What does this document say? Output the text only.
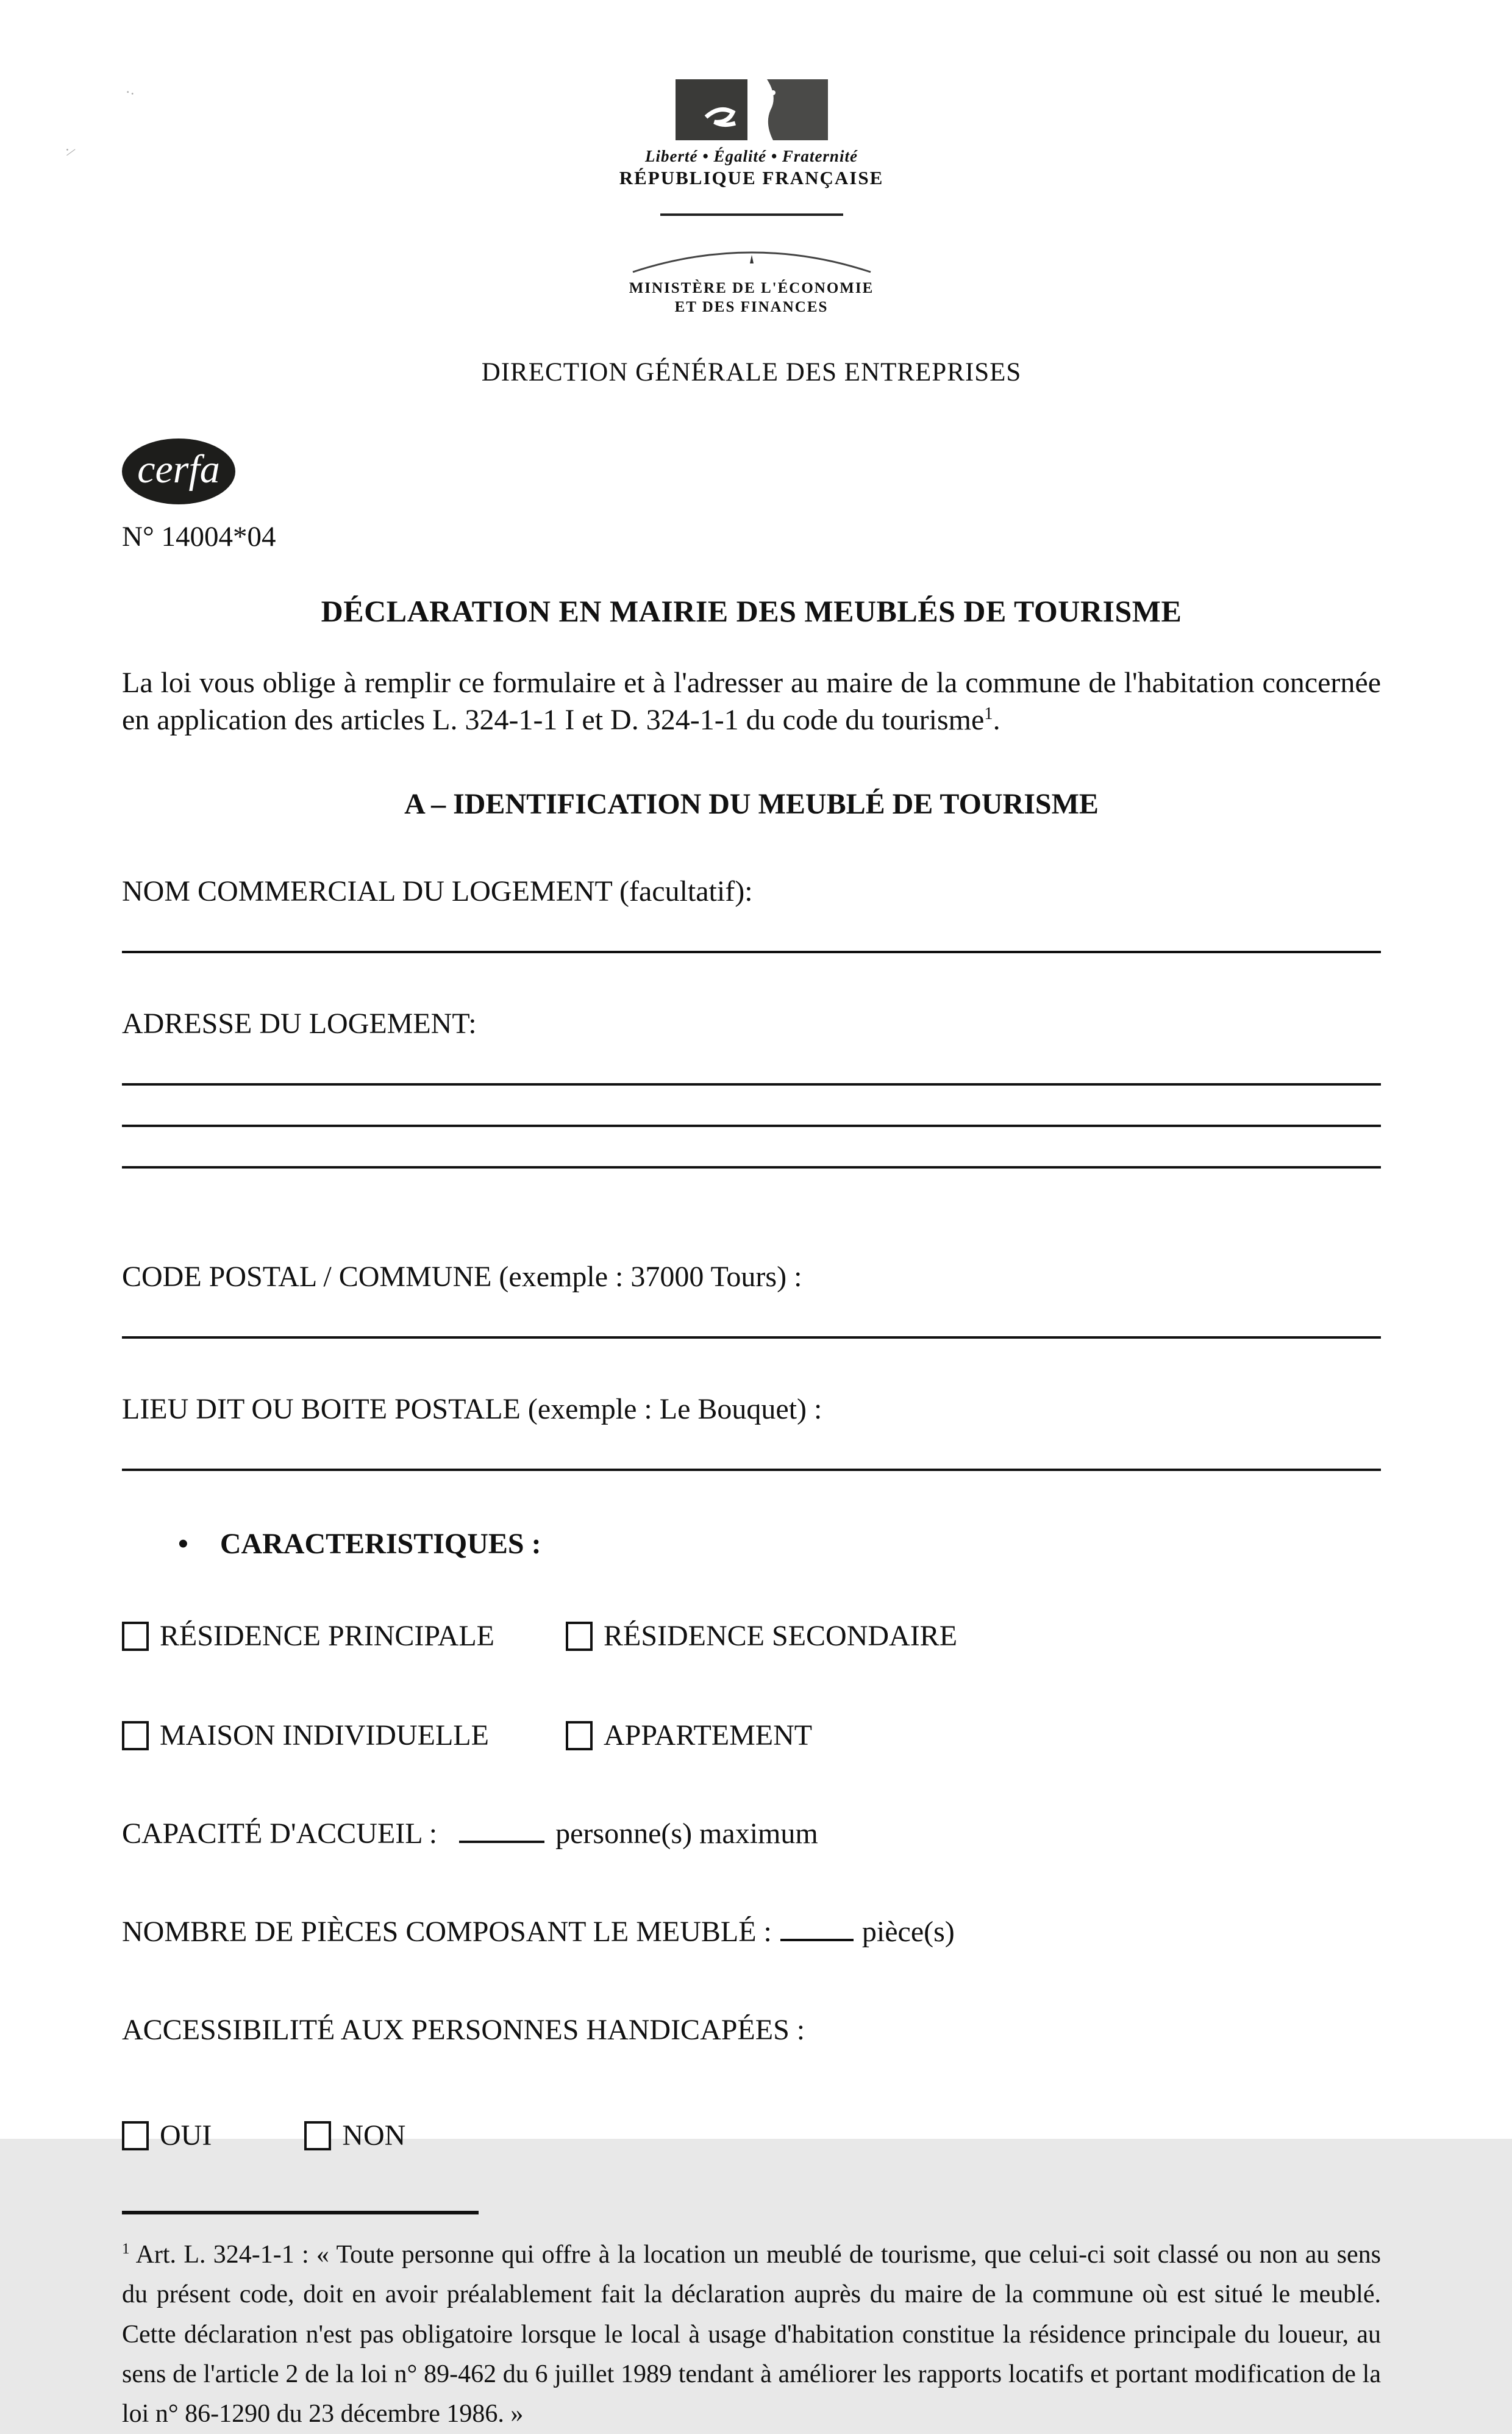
··
·/	Liberté • Égalité • Fraternité
RÉPUBLIQUE FRANÇAISE
MINISTÈRE DE L'ÉCONOMIE
ET DES FINANCES
DIRECTION GÉNÉRALE DES ENTREPRISES
cerfa
N° 14004*04
DÉCLARATION EN MAIRIE DES MEUBLÉS DE TOURISME

La loi vous oblige à remplir ce formulaire et à l'adresser au maire de la commune de l'habitation concernée en application des articles L. 324-1-1 I et D. 324-1-1 du code du tourisme$^1$.

A – IDENTIFICATION DU MEUBLÉ DE TOURISME
NOM COMMERCIAL DU LOGEMENT (facultatif):
ADRESSE DU LOGEMENT:
CODE POSTAL / COMMUNE (exemple : 37000 Tours) :
LIEU DIT OU BOITE POSTALE (exemple : Le Bouquet) :
• CARACTERISTIQUES :
RÉSIDENCE PRINCIPALE	RÉSIDENCE SECONDAIRE
MAISON INDIVIDUELLE	APPARTEMENT
CAPACITÉ D'ACCUEIL :	personne(s) maximum
NOMBRE DE PIÈCES COMPOSANT LE MEUBLÉ :	pièce(s)
ACCESSIBILITÉ AUX PERSONNES HANDICAPÉES :
OUI	NON

$^1$ Art. L. 324-1-1 : « Toute personne qui offre à la location un meublé de tourisme, que celui-ci soit classé ou non au sens du présent code, doit en avoir préalablement fait la déclaration auprès du maire de la commune où est situé le meublé. Cette déclaration n'est pas obligatoire lorsque le local à usage d'habitation constitue la résidence principale du loueur, au sens de l'article 2 de la loi n° 89-462 du 6 juillet 1989 tendant à améliorer les rapports locatifs et portant modification de la loi n° 86-1290 du 23 décembre 1986. »
